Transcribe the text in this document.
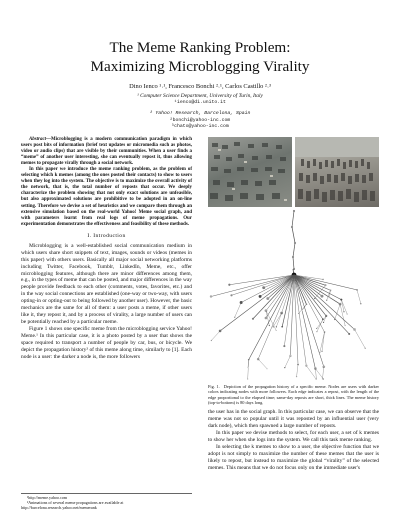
The Meme Ranking Problem:
Maximizing Microblogging Virality
Dino Ienco ¹˒¹, Francesco Bonchi ²˒¹, Carlos Castillo ²˒³
¹ Computer Science Department, University of Turin, Italy
¹ienco@di.unito.it
² Yahoo! Research, Barcelona, Spain
²bonchi@yahoo-inc.com
³chato@yahoo-inc.com

Abstract—Microblogging is a modern communication paradigm in which users post bits of information (brief text updates or micromedia such as photos, video or audio clips) that are visible by their communities. When a user finds a “meme” of another user interesting, she can eventually repost it, thus allowing memes to propagate virally through a social network.

In this paper we introduce the meme ranking problem, as the problem of selecting which k memes (among the ones posted their contacts) to show to users when they log into the system. The objective is to maximize the overall activity of the network, that is, the total number of reposts that occur. We deeply characterize the problem showing that not only exact solutions are unfeasible, but also approximated solutions are prohibitive to be adopted in an on-line setting. Therefore we devise a set of heuristics and we compare them through an extensive simulation based on the real-world Yahoo! Meme social graph, and with parameters learnt from real logs of meme propagations. Our experimentation demonstrates the effectiveness and feasibility of these methods.

I. Introduction

Microblogging is a well-established social communication medium in which users share short snippets of text, images, sounds or videos (memes in this paper) with others users. Basically all major social networking platforms including Twitter, Facebook, Tumblr, LinkedIn, Meme, etc., offer microblogging features, although there are minor differences among them, e.g., in the types of meme that can be posted, and major differences in the way people provide feedback to each other (comments, votes, favorites, etc.) and in the way social connections are established (one-way or two-way, with users opting-in or opting-out to being followed by another user). However, the basic mechanics are the same for all of them: a user posts a meme, if other users like it, they repost it, and by a process of virality, a large number of users can be potentially reached by a particular meme.

Figure 1 shows one specific meme from the microblogging service Yahoo! Meme.¹ In this particular case, it is a photo posted by a user that shows the space required to transport a number of people by car, bus, or bicycle. We depict the propagation history² of this meme along time, similarly to [1]. Each node is a user: the darker a node is, the more followers

Fig. 1. Depiction of the propagation history of a specific meme. Nodes are users with darker colors indicating nodes with more followers. Each edge indicates a repost, with the length of the edge proportional to the elapsed time; same-day reposts are short, thick lines. The meme history (top-to-bottom) is 80 days long.

the user has in the social graph. In this particular case, we can observe that the meme was not so popular until it was reposted by an influential user (very dark node), which then spawned a large number of reposts.

In this paper we devise methods to select, for each user, a set of k memes to show her when she logs into the system. We call this task meme ranking.

In selecting the k memes to show to a user, the objective function that we adopt is not simply to maximize the number of these memes that the user is likely to repost, but instead to maximize the global “virality” of the selected memes. This means that we do not focus only on the immediate user's

¹http://meme.yahoo.com
²Animations of several meme propagations are available at http://barcelona.research.yahoo.net/memerank
